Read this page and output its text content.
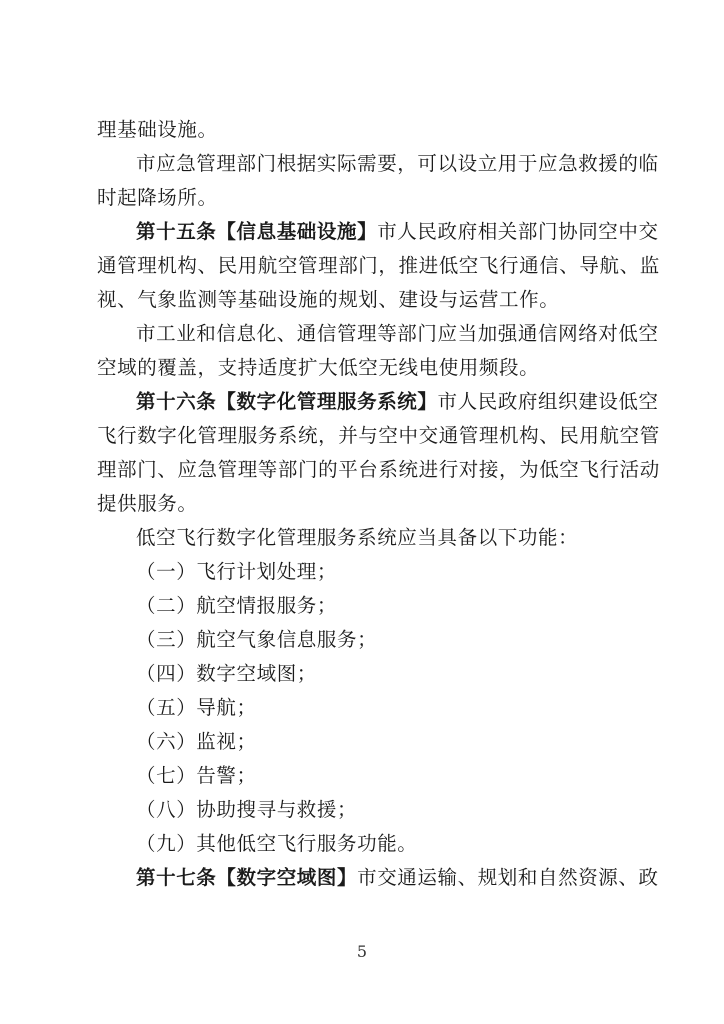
理基础设施。
市应急管理部门根据实际需要，可以设立用于应急救援的临
时起降场所。
第十五条【信息基础设施】市人民政府相关部门协同空中交
通管理机构、民用航空管理部门，推进低空飞行通信、导航、监
视、气象监测等基础设施的规划、建设与运营工作。
市工业和信息化、通信管理等部门应当加强通信网络对低空
空域的覆盖，支持适度扩大低空无线电使用频段。
第十六条【数字化管理服务系统】市人民政府组织建设低空
飞行数字化管理服务系统，并与空中交通管理机构、民用航空管
理部门、应急管理等部门的平台系统进行对接，为低空飞行活动
提供服务。
低空飞行数字化管理服务系统应当具备以下功能：
（一）飞行计划处理；
（二）航空情报服务；
（三）航空气象信息服务；
（四）数字空域图；
（五）导航；
（六）监视；
（七）告警；
（八）协助搜寻与救援；
（九）其他低空飞行服务功能。
第十七条【数字空域图】市交通运输、规划和自然资源、政
5
